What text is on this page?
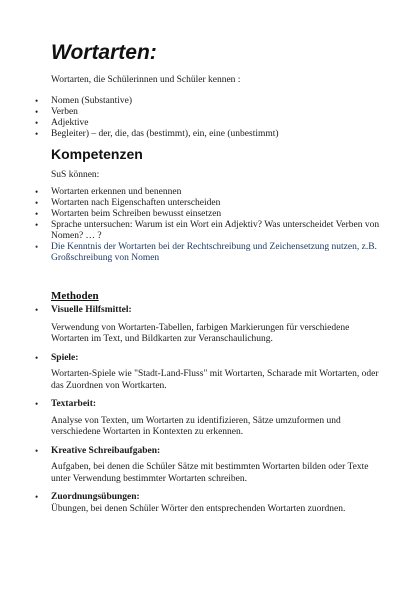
Wortarten:
Wortarten, die Schülerinnen und Schüler kennen :
• Nomen (Substantive)
• Verben
• Adjektive
• Begleiter) – der, die, das (bestimmt), ein, eine (unbestimmt)
Kompetenzen
SuS können:
• Wortarten erkennen und benennen
• Wortarten nach Eigenschaften unterscheiden
• Wortarten beim Schreiben bewusst einsetzen
• Sprache untersuchen: Warum ist ein Wort ein Adjektiv? Was unterscheidet Verben von Nomen? … ?
• Die Kenntnis der Wortarten bei der Rechtschreibung und Zeichensetzung nutzen, z.B. Großschreibung von Nomen
Methoden
• Visuelle Hilfsmittel:
Verwendung von Wortarten-Tabellen, farbigen Markierungen für verschiedene Wortarten im Text, und Bildkarten zur Veranschaulichung.
• Spiele:
Wortarten-Spiele wie "Stadt-Land-Fluss" mit Wortarten, Scharade mit Wortarten, oder das Zuordnen von Wortkarten.
• Textarbeit:
Analyse von Texten, um Wortarten zu identifizieren, Sätze umzuformen und verschiedene Wortarten in Kontexten zu erkennen.
• Kreative Schreibaufgaben:
Aufgaben, bei denen die Schüler Sätze mit bestimmten Wortarten bilden oder Texte unter Verwendung bestimmter Wortarten schreiben.
• Zuordnungsübungen:
Übungen, bei denen Schüler Wörter den entsprechenden Wortarten zuordnen.
